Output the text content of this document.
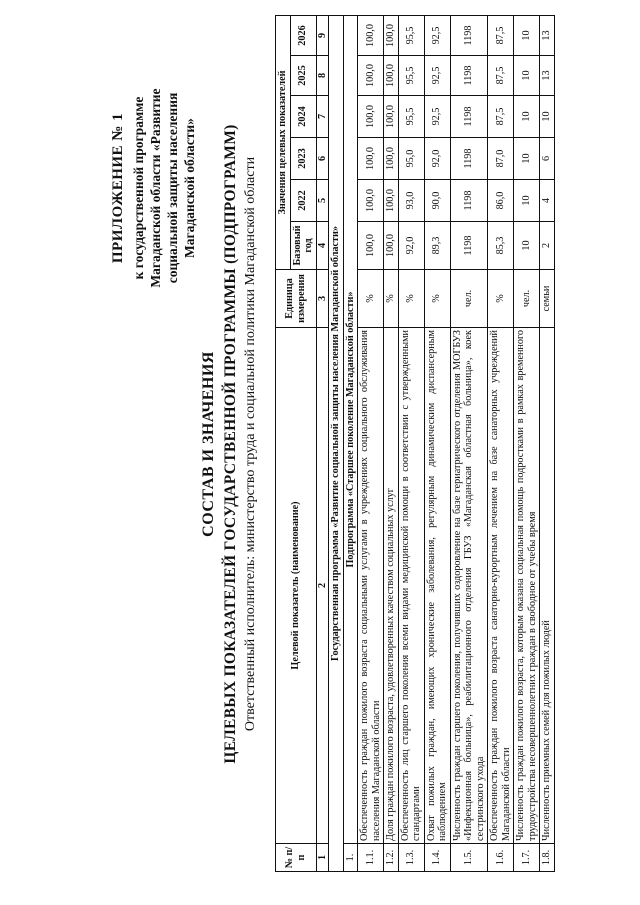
ПРИЛОЖЕНИЕ № 1 к государственной программе Магаданской области «Развитие социальной защиты населения Магаданской области»
СОСТАВ И ЗНАЧЕНИЯ ЦЕЛЕВЫХ ПОКАЗАТЕЛЕЙ ГОСУДАРСТВЕННОЙ ПРОГРАММЫ (ПОДПРОГРАММ) Ответственный исполнитель: министерство труда и социальной политики Магаданской области
№ п/п	Целевой показатель (наименование)	Единица измерения	Значения целевых показателей					
			Базовый год	2022	2023	2024	2025	2026
1	2	3	4	5	6	7	8	9
Государственная программа «Развитие социальной защиты населения Магаданской области»								
1.	Подпрограмма «Старшее поколение Магаданской области»							
1.1.	Обеспеченность граждан пожилого возраста социальными услугами в учреждениях социального обслуживания населения Магаданской области	%	100,0	100,0	100,0	100,0	100,0	100,0
1.2.	Доля граждан пожилого возраста, удовлетворенных качеством социальных услуг	%	100,0	100,0	100,0	100,0	100,0	100,0
1.3.	Обеспеченность лиц старшего поколения всеми видами медицинской помощи в соответствии с утвержденными стандартами	%	92,0	93,0	95,0	95,5	95,5	95,5
1.4.	Охват пожилых граждан, имеющих хронические заболевания, регулярным динамическим диспансерным наблюдением	%	89,3	90,0	92,0	92,5	92,5	92,5
1.5.	Численность граждан старшего поколения, получивших оздоровление на базе гериатрического отделения МОГБУЗ «Инфекционная больница», реабилитационного отделения ГБУЗ «Магаданская областная больница», коек сестринского ухода	чел.	1198	1198	1198	1198	1198	1198
1.6.	Обеспеченность граждан пожилого возраста санаторно-курортным лечением на базе санаторных учреждений Магаданской области	%	85,3	86,0	87,0	87,5	87,5	87,5
1.7.	Численность граждан пожилого возраста, которым оказана социальная помощь подростками в рамках временного трудоустройства несовершеннолетних граждан в свободное от учебы время	чел.	10	10	10	10	10	10
1.8.	Численность приемных семей для пожилых людей	семьи	2	4	6	10	13	13
